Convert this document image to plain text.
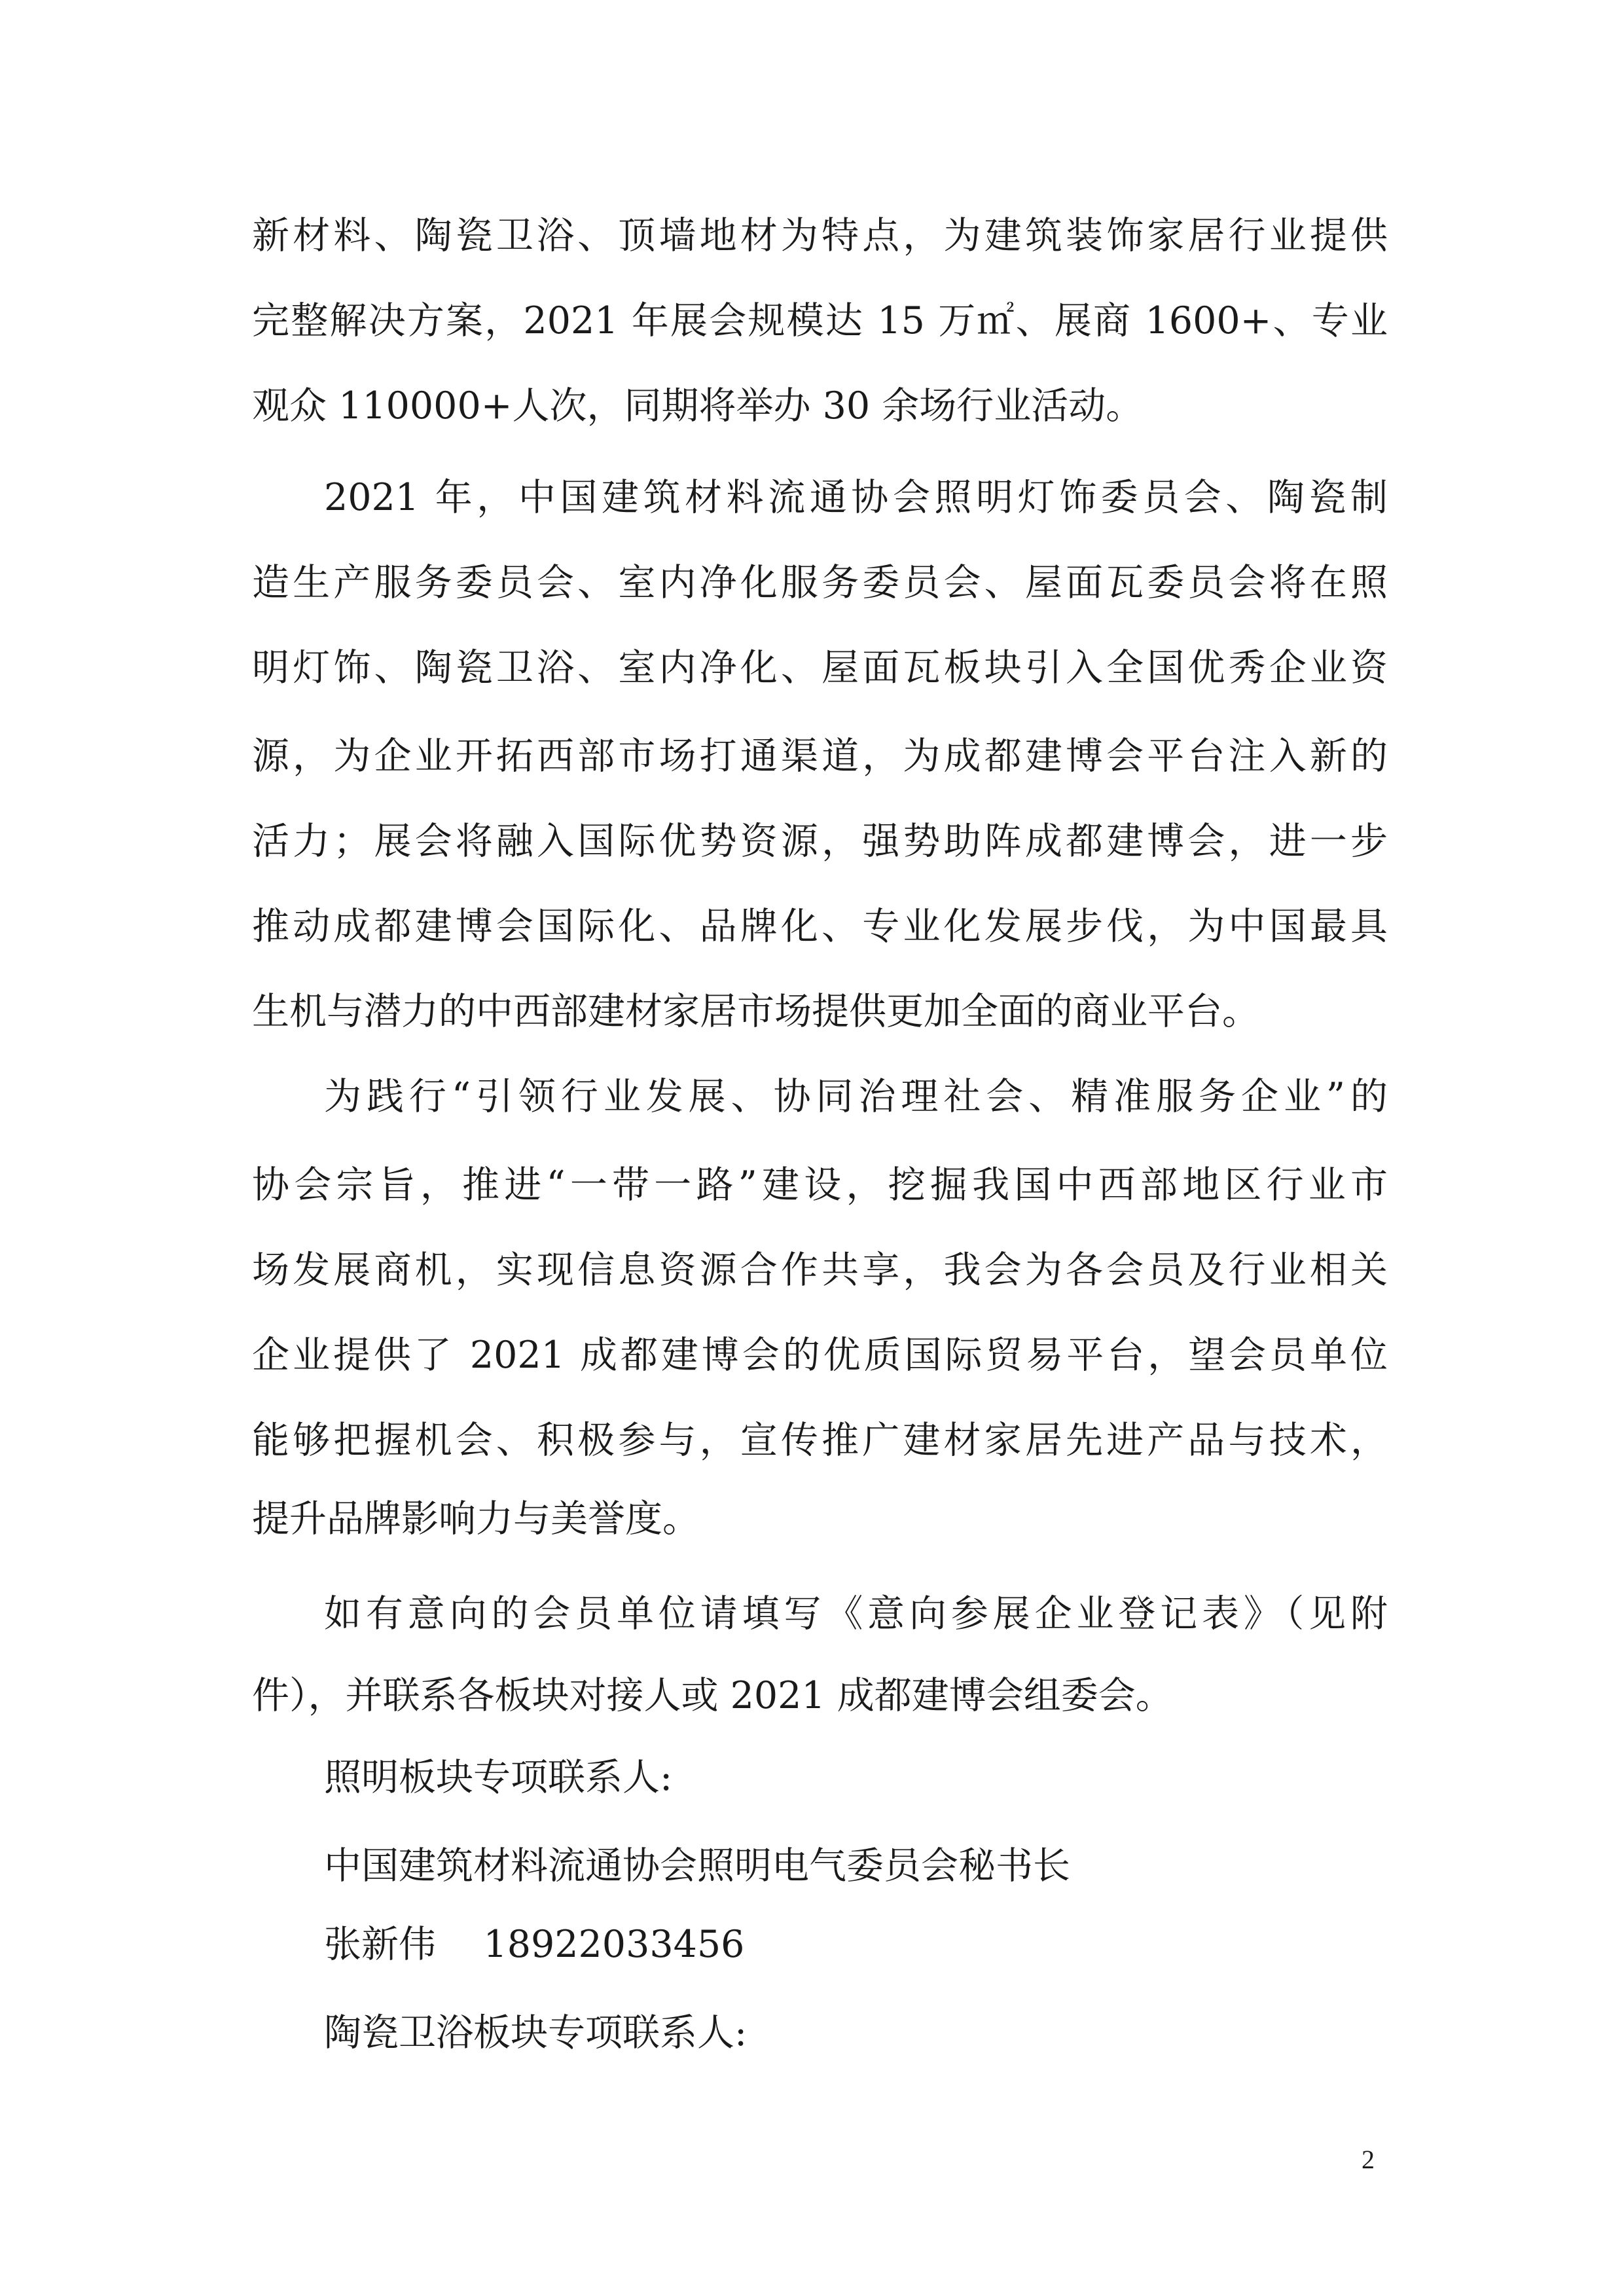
新材料、陶瓷卫浴、顶墙地材为特点，为建筑装饰家居行业提供
完整解决方案，2021 年展会规模达 15 万㎡、展商 1600+、专业
观众 110000+人次，同期将举办 30 余场行业活动。
2021 年，中国建筑材料流通协会照明灯饰委员会、陶瓷制
造生产服务委员会、室内净化服务委员会、屋面瓦委员会将在照
明灯饰、陶瓷卫浴、室内净化、屋面瓦板块引入全国优秀企业资
源，为企业开拓西部市场打通渠道，为成都建博会平台注入新的
活力；展会将融入国际优势资源，强势助阵成都建博会，进一步
推动成都建博会国际化、品牌化、专业化发展步伐，为中国最具
生机与潜力的中西部建材家居市场提供更加全面的商业平台。
为践行“引领行业发展、协同治理社会、精准服务企业”的
协会宗旨，推进“一带一路”建设，挖掘我国中西部地区行业市
场发展商机，实现信息资源合作共享，我会为各会员及行业相关
企业提供了 2021 成都建博会的优质国际贸易平台，望会员单位
能够把握机会、积极参与，宣传推广建材家居先进产品与技术，
提升品牌影响力与美誉度。
如有意向的会员单位请填写《意向参展企业登记表》（见附
件），并联系各板块对接人或 2021 成都建博会组委会。
照明板块专项联系人:
中国建筑材料流通协会照明电气委员会秘书长
张新伟    18922033456
陶瓷卫浴板块专项联系人:
2
